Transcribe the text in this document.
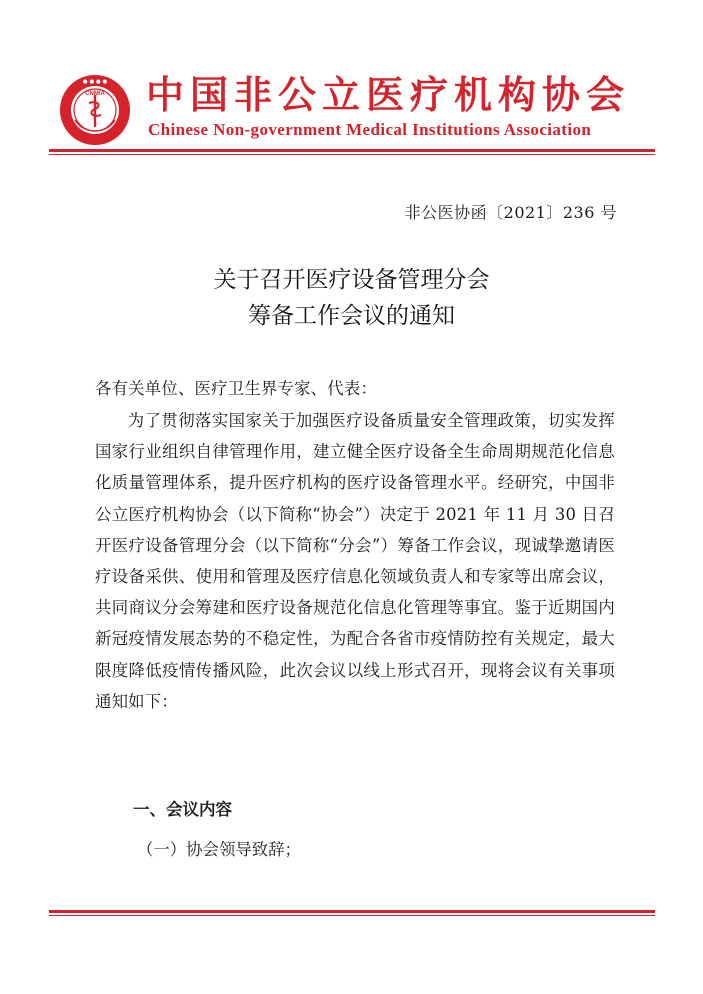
CNMIA
● ● ● ● 中国非公立医疗机构协会
Chinese Non-government Medical Institutions Association
非公医协函〔2021〕236 号
关于召开医疗设备管理分会
筹备工作会议的通知

各有关单位、医疗卫生界专家、代表：

为了贯彻落实国家关于加强医疗设备质量安全管理政策，切实发挥国家行业组织自律管理作用，建立健全医疗设备全生命周期规范化信息化质量管理体系，提升医疗机构的医疗设备管理水平。经研究，中国非公立医疗机构协会（以下简称“协会”）决定于 2021 年 11 月 30 日召开医疗设备管理分会（以下简称“分会”）筹备工作会议，现诚挚邀请医疗设备采供、使用和管理及医疗信息化领域负责人和专家等出席会议，共同商议分会筹建和医疗设备规范化信息化管理等事宜。鉴于近期国内新冠疫情发展态势的不稳定性，为配合各省市疫情防控有关规定，最大限度降低疫情传播风险，此次会议以线上形式召开，现将会议有关事项通知如下：

一、会议内容
（一）协会领导致辞；
